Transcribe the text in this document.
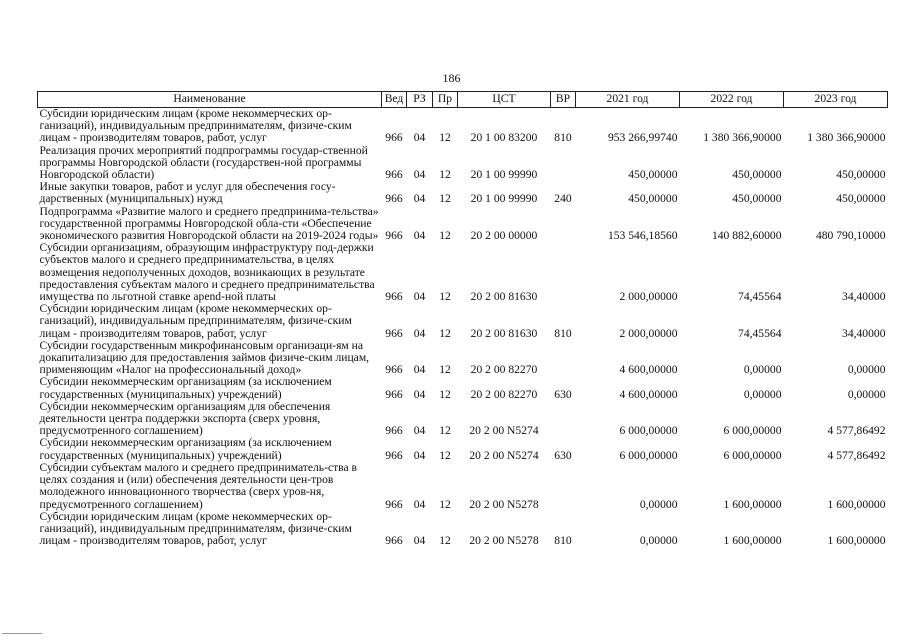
186
Наименование	Вед	РЗ	Пр	ЦСТ	ВР	2021 год	2022 год	2023 год
Субсидии юридическим лицам (кроме некоммерческих ор-ганизаций), индивидуальным предпринимателям, физиче-ским лицам - производителям товаров, работ, услуг	966	04	12	20 1 00 83200	810	953 266,99740	1 380 366,90000	1 380 366,90000
Реализация прочих мероприятий подпрограммы государ-ственной программы Новгородской области (государствен-ной программы Новгородской области)	966	04	12	20 1 00 99990		450,00000	450,00000	450,00000
Иные закупки товаров, работ и услуг для обеспечения госу-дарственных (муниципальных) нужд	966	04	12	20 1 00 99990	240	450,00000	450,00000	450,00000
Подпрограмма «Развитие малого и среднего предпринима-тельства» государственной программы Новгородской обла-сти «Обеспечение экономического развития Новгородской области на 2019-2024 годы»	966	04	12	20 2 00 00000		153 546,18560	140 882,60000	480 790,10000
Субсидии организациям, образующим инфраструктуру под-держки субъектов малого и среднего предпринимательства, в целях возмещения недополученных доходов, возникающих в результате предоставления субъектам малого и среднего предпринимательства имущества по льготной ставке арend-ной платы	966	04	12	20 2 00 81630		2 000,00000	74,45564	34,40000
Субсидии юридическим лицам (кроме некоммерческих ор-ганизаций), индивидуальным предпринимателям, физиче-ским лицам - производителям товаров, работ, услуг	966	04	12	20 2 00 81630	810	2 000,00000	74,45564	34,40000
Субсидии государственным микрофинансовым организаци-ям на докапитализацию для предоставления займов физиче-ским лицам, применяющим «Налог на профессиональный доход»	966	04	12	20 2 00 82270		4 600,00000	0,00000	0,00000
Субсидии некоммерческим организациям (за исключением государственных (муниципальных) учреждений)	966	04	12	20 2 00 82270	630	4 600,00000	0,00000	0,00000
Субсидии некоммерческим организациям для обеспечения деятельности центра поддержки экспорта (сверх уровня, предусмотренного соглашением)	966	04	12	20 2 00 N5274		6 000,00000	6 000,00000	4 577,86492
Субсидии некоммерческим организациям (за исключением государственных (муниципальных) учреждений)	966	04	12	20 2 00 N5274	630	6 000,00000	6 000,00000	4 577,86492
Субсидии субъектам малого и среднего предприниматель-ства в целях создания и (или) обеспечения деятельности цен-тров молодежного инновационного творчества (сверх уров-ня, предусмотренного соглашением)	966	04	12	20 2 00 N5278		0,00000	1 600,00000	1 600,00000
Субсидии юридическим лицам (кроме некоммерческих ор-ганизаций), индивидуальным предпринимателям, физиче-ским лицам - производителям товаров, работ, услуг	966	04	12	20 2 00 N5278	810	0,00000	1 600,00000	1 600,00000
